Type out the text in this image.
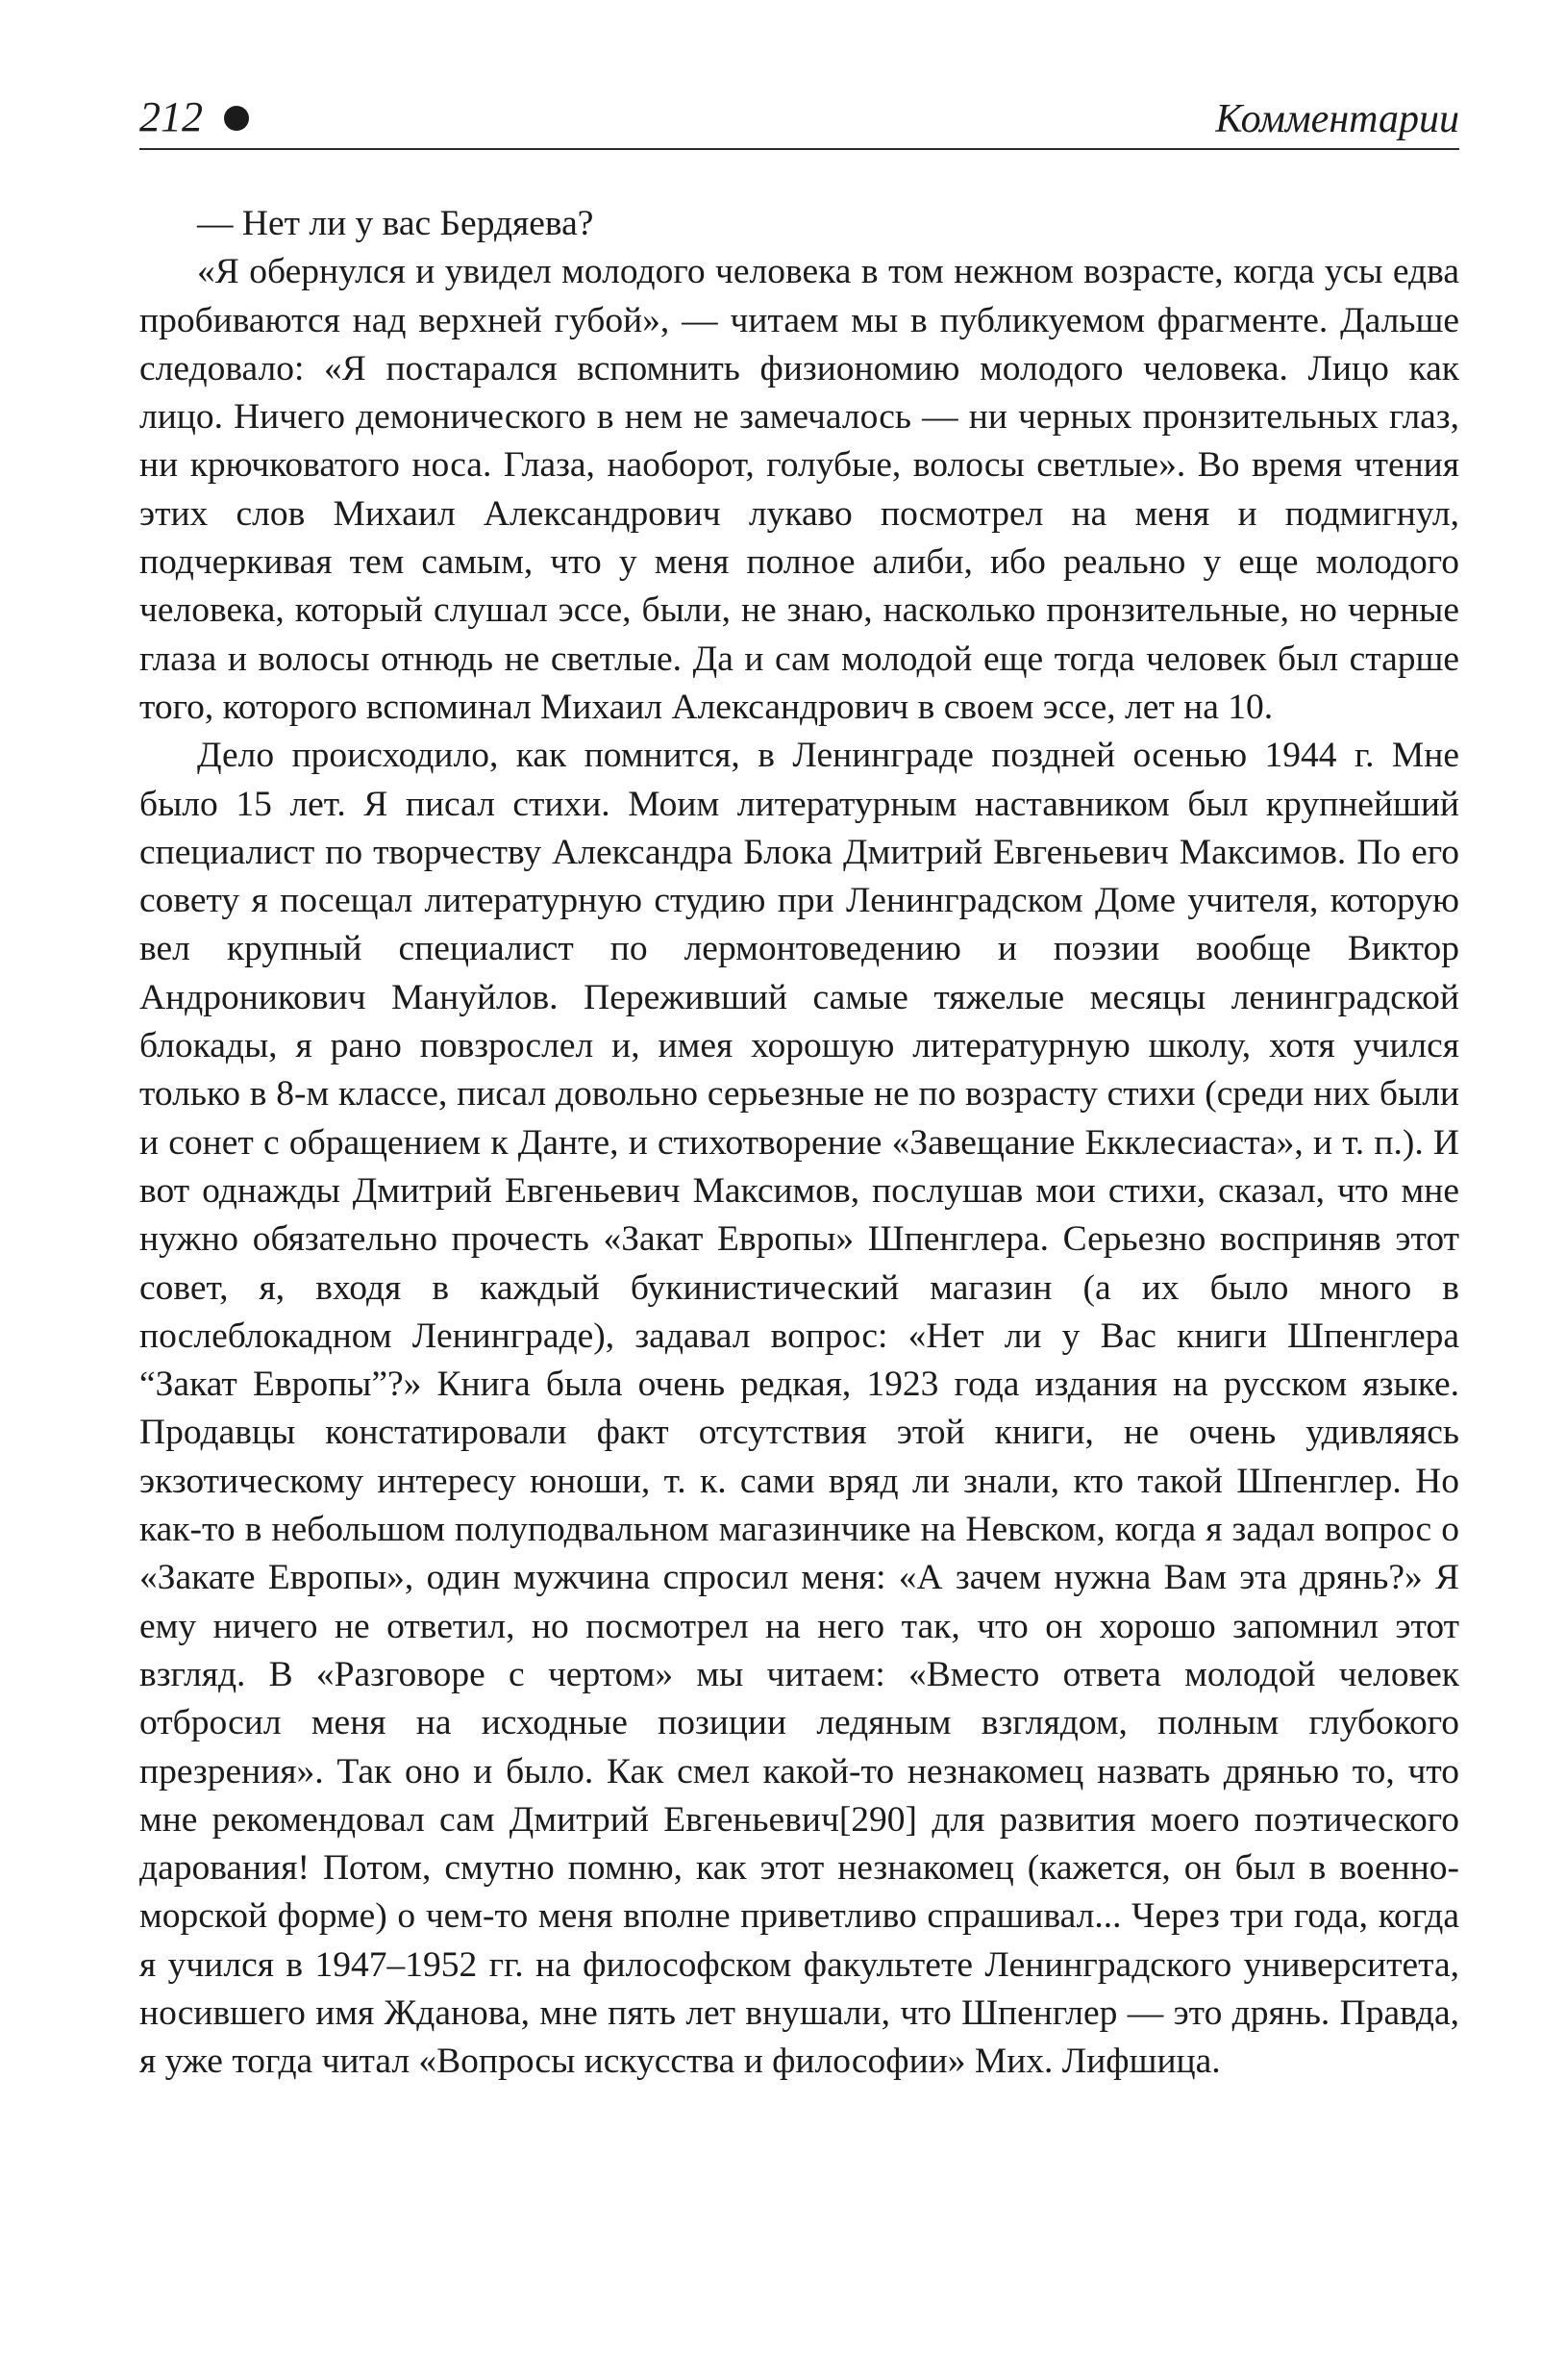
212	Комментарии

— Нет ли у вас Бердяева?

«Я обернулся и увидел молодого человека в том нежном возрасте, когда усы едва пробиваются над верхней губой», — читаем мы в публикуемом фрагменте. Дальше следовало: «Я постарался вспомнить физиономию молодого человека. Лицо как лицо. Ничего демонического в нем не замечалось — ни черных пронзительных глаз, ни крючковатого носа. Глаза, наоборот, голубые, волосы светлые». Во время чтения этих слов Михаил Александрович лукаво посмотрел на меня и подмигнул, подчеркивая тем самым, что у меня полное алиби, ибо реально у еще молодого человека, который слушал эссе, были, не знаю, насколько пронзительные, но черные глаза и волосы отнюдь не светлые. Да и сам молодой еще тогда человек был старше того, которого вспоминал Михаил Александрович в своем эссе, лет на 10.

Дело происходило, как помнится, в Ленинграде поздней осенью 1944 г. Мне было 15 лет. Я писал стихи. Моим литературным наставником был крупнейший специалист по творчеству Александра Блока Дмитрий Евгеньевич Максимов. По его совету я посещал литературную студию при Ленинградском Доме учителя, которую вел крупный специалист по лермонтоведению и поэзии вообще Виктор Андроникович Мануйлов. Переживший самые тяжелые месяцы ленинградской блокады, я рано повзрослел и, имея хорошую литературную школу, хотя учился только в 8-м классе, писал довольно серьезные не по возрасту стихи (среди них были и сонет с обращением к Данте, и стихотворение «Завещание Екклесиаста», и т. п.). И вот однажды Дмитрий Евгеньевич Максимов, послушав мои стихи, сказал, что мне нужно обязательно прочесть «Закат Европы» Шпенглера. Серьезно восприняв этот совет, я, входя в каждый букинистический магазин (а их было много в послеблокадном Ленинграде), задавал вопрос: «Нет ли у Вас книги Шпенглера “Закат Европы”?» Книга была очень редкая, 1923 года издания на русском языке. Продавцы констатировали факт отсутствия этой книги, не очень удивляясь экзотическому интересу юноши, т. к. сами вряд ли знали, кто такой Шпенглер. Но как-то в небольшом полуподвальном магазинчике на Невском, когда я задал вопрос о «Закате Европы», один мужчина спросил меня: «А зачем нужна Вам эта дрянь?» Я ему ничего не ответил, но посмотрел на него так, что он хорошо запомнил этот взгляд. В «Разговоре с чертом» мы читаем: «Вместо ответа молодой человек отбросил меня на исходные позиции ледяным взглядом, полным глубокого презрения». Так оно и было. Как смел какой-то незнакомец назвать дрянью то, что мне рекомендовал сам Дмитрий Евгеньевич[290] для развития моего поэтического дарования! Потом, смутно помню, как этот незнакомец (кажется, он был в военно-морской форме) о чем-то меня вполне приветливо спрашивал... Через три года, когда я учился в 1947–1952 гг. на философском факультете Ленинградского университета, носившего имя Жданова, мне пять лет внушали, что Шпенглер — это дрянь. Правда, я уже тогда читал «Вопросы искусства и философии» Мих. Лифшица.
